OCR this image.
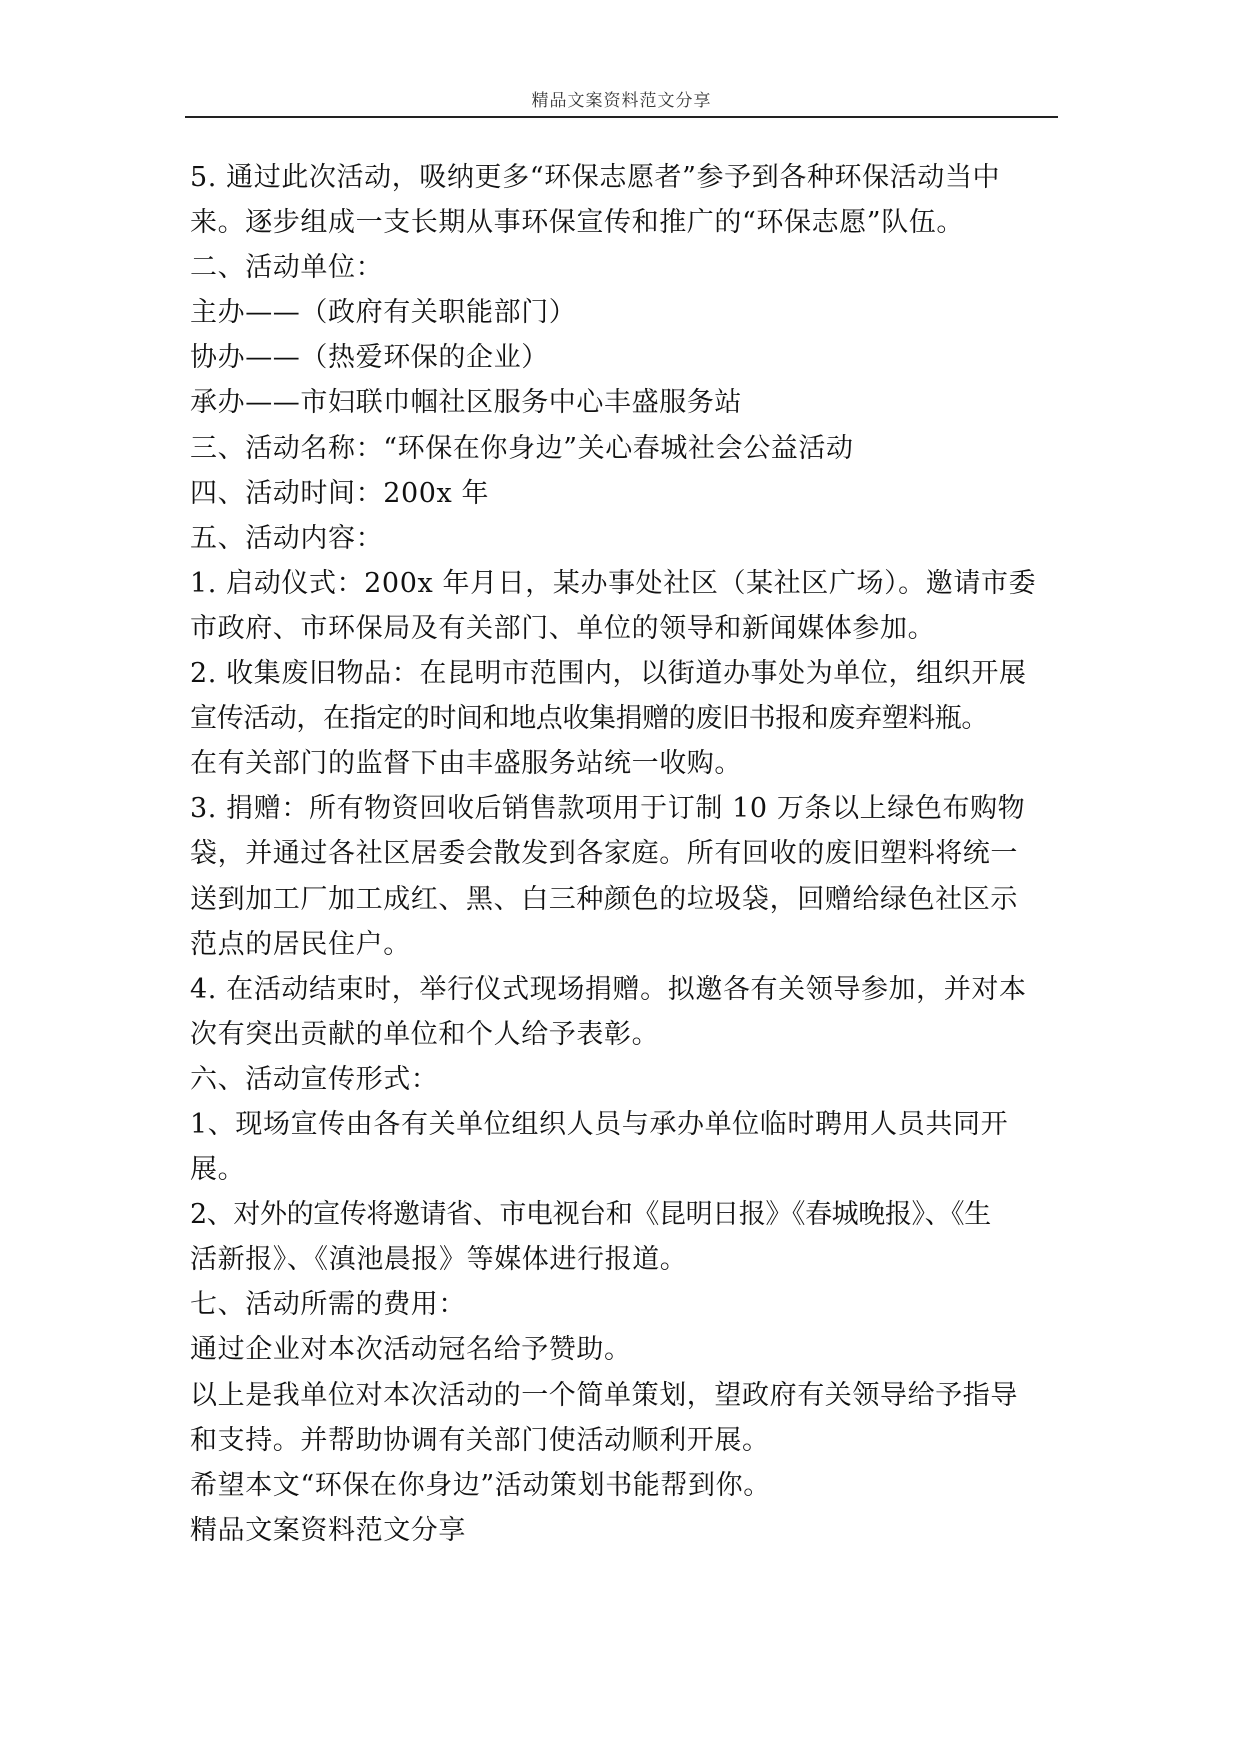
精品文案资料范文分享
5. 通过此次活动，吸纳更多“环保志愿者”参予到各种环保活动当中
来。逐步组成一支长期从事环保宣传和推广的“环保志愿”队伍。
二、活动单位：
主办——（政府有关职能部门）
协办——（热爱环保的企业）
承办——市妇联巾帼社区服务中心丰盛服务站
三、活动名称：“环保在你身边”关心春城社会公益活动
四、活动时间：200x 年
五、活动内容：
1. 启动仪式：200x 年月日，某办事处社区（某社区广场）。邀请市委
市政府、市环保局及有关部门、单位的领导和新闻媒体参加。
2. 收集废旧物品：在昆明市范围内，以街道办事处为单位，组织开展
宣传活动，在指定的时间和地点收集捐赠的废旧书报和废弃塑料瓶。
在有关部门的监督下由丰盛服务站统一收购。
3. 捐赠：所有物资回收后销售款项用于订制 10 万条以上绿色布购物
袋，并通过各社区居委会散发到各家庭。所有回收的废旧塑料将统一
送到加工厂加工成红、黑、白三种颜色的垃圾袋，回赠给绿色社区示
范点的居民住户。
4. 在活动结束时，举行仪式现场捐赠。拟邀各有关领导参加，并对本
次有突出贡献的单位和个人给予表彰。
六、活动宣传形式：
1、现场宣传由各有关单位组织人员与承办单位临时聘用人员共同开
展。
2、对外的宣传将邀请省、市电视台和《昆明日报》《春城晚报》、《生
活新报》、《滇池晨报》等媒体进行报道。
七、活动所需的费用：
通过企业对本次活动冠名给予赞助。
以上是我单位对本次活动的一个简单策划，望政府有关领导给予指导
和支持。并帮助协调有关部门使活动顺利开展。
希望本文“环保在你身边”活动策划书能帮到你。
精品文案资料范文分享
